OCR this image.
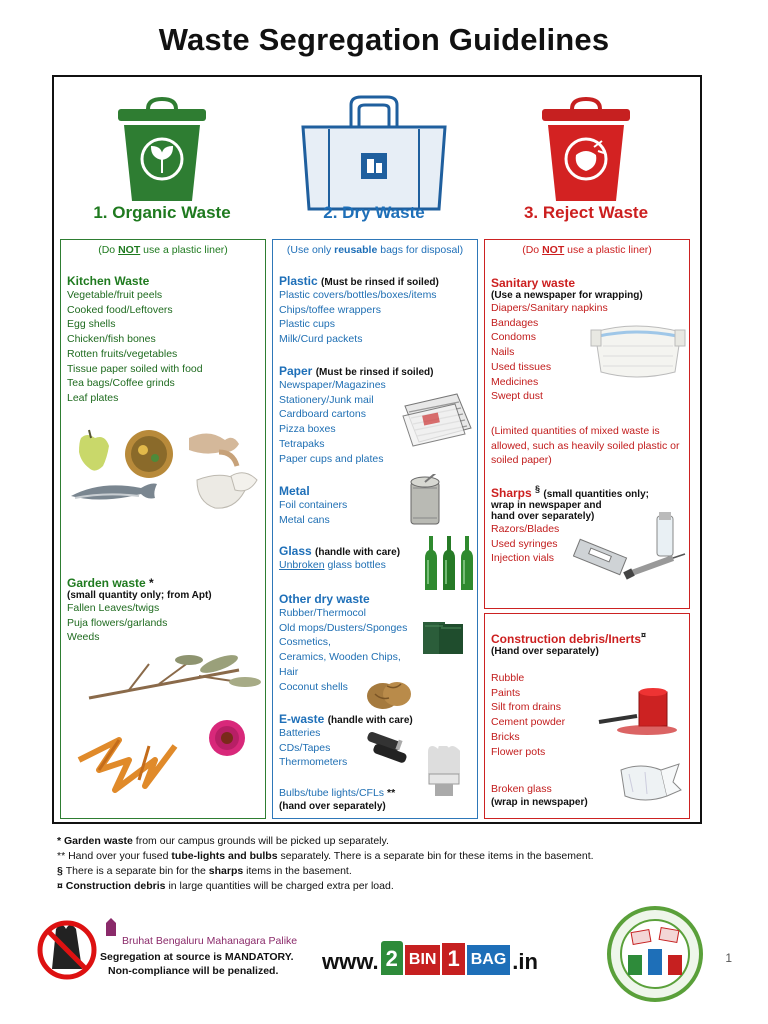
Waste Segregation Guidelines
1. Organic Waste
(Do NOT use a plastic liner)
Kitchen Waste
Vegetable/fruit peels
Cooked food/Leftovers
Egg shells
Chicken/fish bones
Rotten fruits/vegetables
Tissue paper soiled with food
Tea bags/Coffee grinds
Leaf plates
Garden waste *
(small quantity only; from Apt)
Fallen Leaves/twigs
Puja flowers/garlands
Weeds
2. Dry Waste
(Use only reusable bags for disposal)
Plastic (Must be rinsed if soiled)
Plastic covers/bottles/boxes/items
Chips/toffee wrappers
Plastic cups
Milk/Curd packets
Paper (Must be rinsed if soiled)
Newspaper/Magazines
Stationery/Junk mail
Cardboard cartons
Pizza boxes
Tetrapaks
Paper cups and plates
Metal
Foil containers
Metal cans
Glass (handle with care)
Unbroken glass bottles
Other dry waste
Rubber/Thermocol
Old mops/Dusters/Sponges
Cosmetics,
Ceramics, Wooden Chips,
Hair
Coconut shells
E-waste (handle with care)
Batteries
CDs/Tapes
Thermometers
Bulbs/tube lights/CFLs **
(hand over separately)
3. Reject Waste
(Do NOT use a plastic liner)
Sanitary waste
(Use a newspaper for wrapping)
Diapers/Sanitary napkins
Bandages
Condoms
Nails
Used tissues
Medicines
Swept dust
(Limited quantities of mixed waste is
allowed, such as heavily soiled plastic or
soiled paper)
Sharps § (small quantities only;
wrap in newspaper and
hand over separately)
Razors/Blades
Used syringes
Injection vials
Construction debris/Inerts¤
(Hand over separately)
Rubble
Paints
Silt from drains
Cement powder
Bricks
Flower pots
Broken glass
(wrap in newspaper)
* Garden waste from our campus grounds will be picked up separately.
** Hand over your fused tube-lights and bulbs separately. There is a separate bin for these items in the basement.
§ There is a separate bin for the sharps items in the basement.
¤ Construction debris in large quantities will be charged extra per load.
Bruhat Bengaluru Mahanagara Palike
Segregation at source is MANDATORY.
Non-compliance will be penalized. www. 2 BIN 1 BAG .in	1
